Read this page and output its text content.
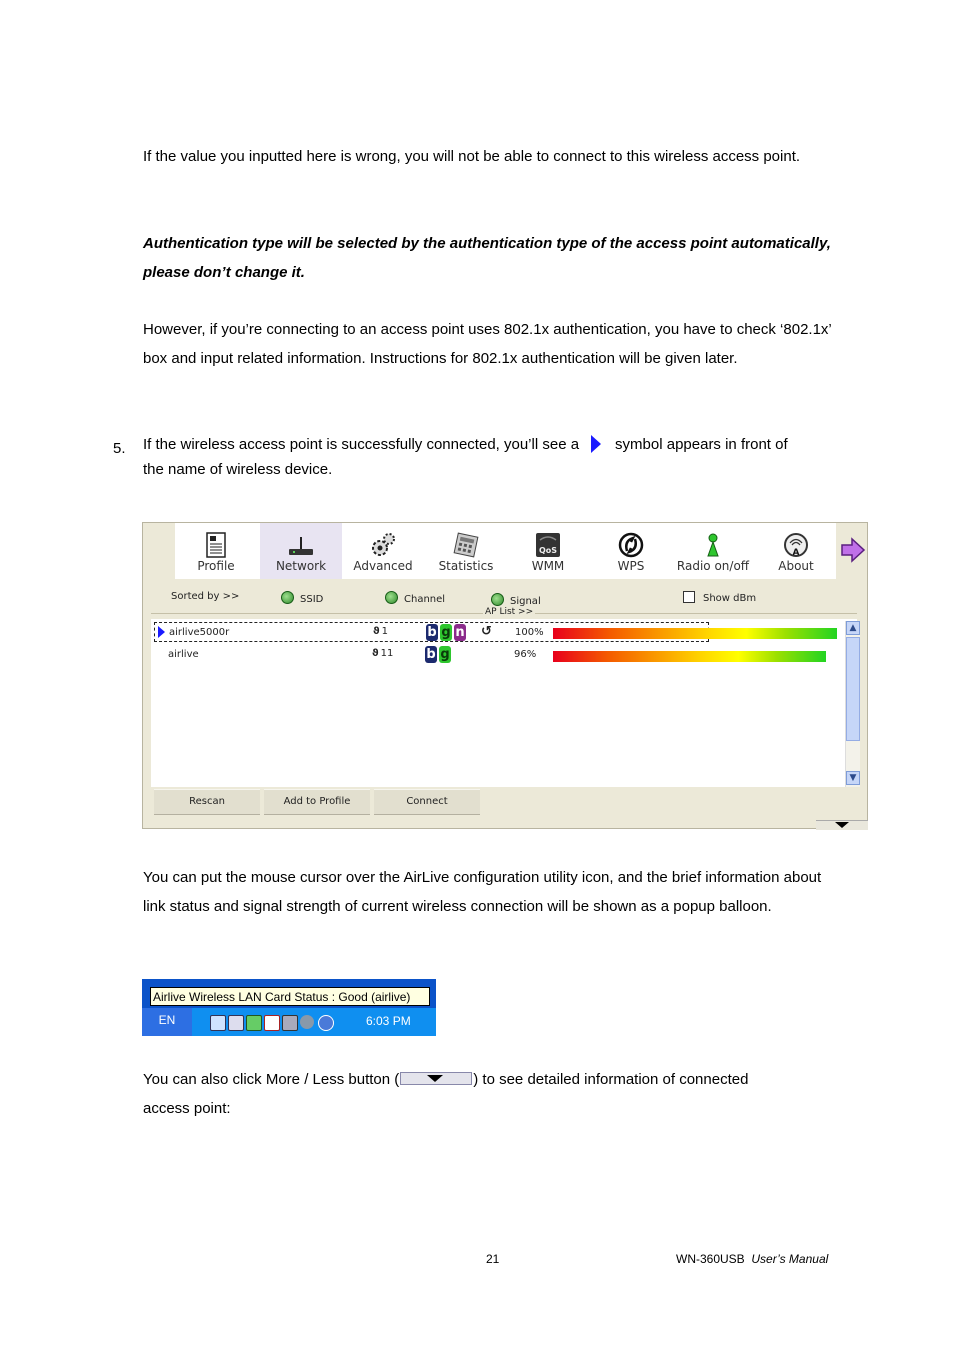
If the value you inputted here is wrong, you will not be able to connect to this wireless access point.
Authentication type will be selected by the authentication type of the access point automatically, please don’t change it.
However, if you’re connecting to an access point uses 802.1x authentication, you have to check ‘802.1x’ box and input related information. Instructions for 802.1x authentication will be given later.
5. If the wireless access point is successfully connected, you’ll see a symbol appears in front of
the name of wireless device.
Profile	Network	Advanced	Statistics
QoS
WMM	WPS	Radio on/off
A
About
Sorted by >>	SSID	Channel	Signal	Show dBm
AP List >>
airlive5000r	ϑ 1	b g n ↺ 100%
airlive	ϑ 11	b g	96%
▲
▼
Rescan	Add to Profile	Connect
You can put the mouse cursor over the AirLive configuration utility icon, and the brief information about link status and signal strength of current wireless connection will be shown as a popup balloon.
Airlive Wireless LAN Card Status : Good (airlive)
EN	6:03 PM
You can also click More / Less button (	) to see detailed information of connected
access point:
21	WN-360USB User’s Manual
